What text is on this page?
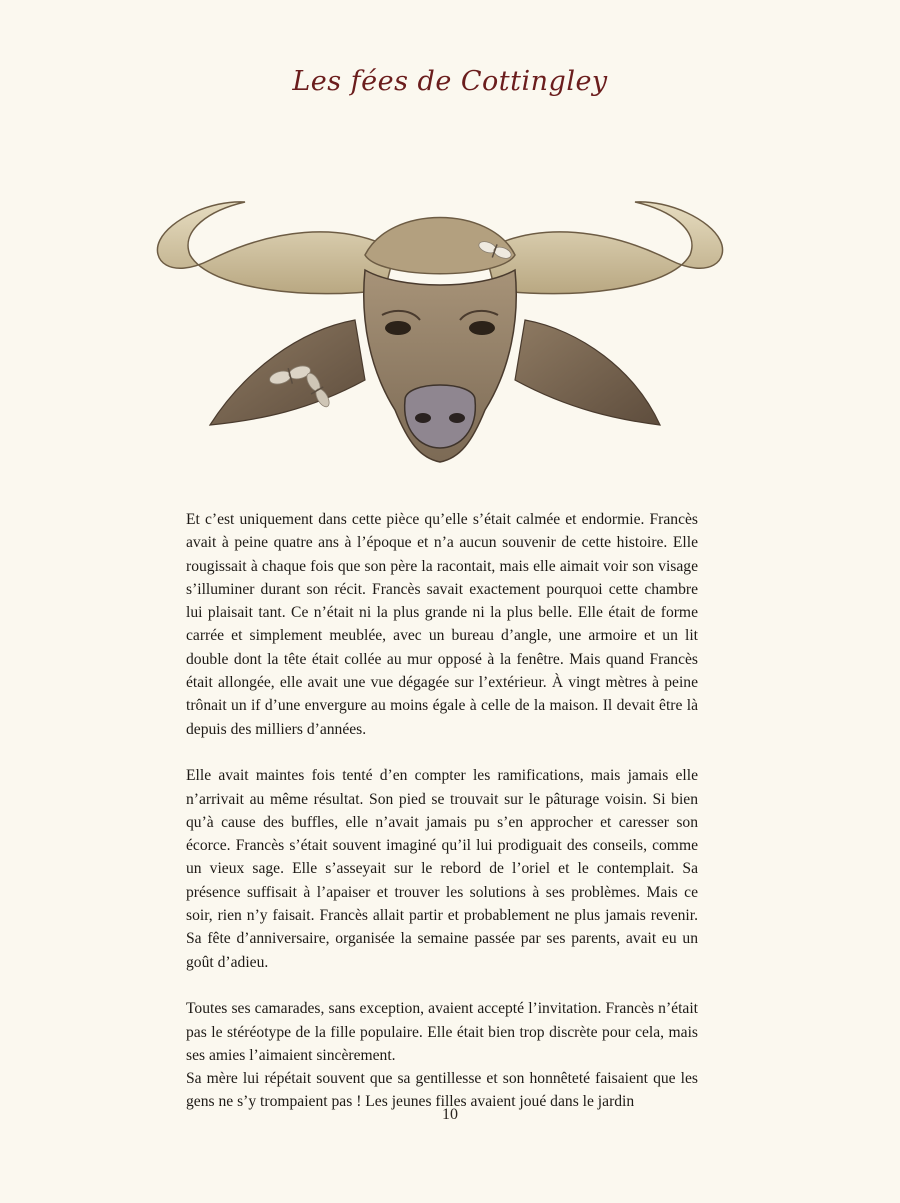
Les fées de Cottingley

Et c’est uniquement dans cette pièce qu’elle s’était calmée et endormie. Francès avait à peine quatre ans à l’époque et n’a aucun souvenir de cette histoire. Elle rougissait à chaque fois que son père la racontait, mais elle aimait voir son visage s’illuminer durant son récit. Francès savait exactement pourquoi cette chambre lui plaisait tant. Ce n’était ni la plus grande ni la plus belle. Elle était de forme carrée et simplement meublée, avec un bureau d’angle, une armoire et un lit double dont la tête était collée au mur opposé à la fenêtre. Mais quand Francès était allongée, elle avait une vue dégagée sur l’extérieur. À vingt mètres à peine trônait un if d’une envergure au moins égale à celle de la maison. Il devait être là depuis des milliers d’années.

Elle avait maintes fois tenté d’en compter les ramifications, mais jamais elle n’arrivait au même résultat. Son pied se trouvait sur le pâturage voisin. Si bien qu’à cause des buffles, elle n’avait jamais pu s’en approcher et caresser son écorce. Francès s’était souvent imaginé qu’il lui prodiguait des conseils, comme un vieux sage. Elle s’asseyait sur le rebord de l’oriel et le contemplait. Sa présence suffisait à l’apaiser et trouver les solutions à ses problèmes. Mais ce soir, rien n’y faisait. Francès allait partir et probablement ne plus jamais revenir. Sa fête d’anniversaire, organisée la semaine passée par ses parents, avait eu un goût d’adieu.

Toutes ses camarades, sans exception, avaient accepté l’invitation. Francès n’était pas le stéréotype de la fille populaire. Elle était bien trop discrète pour cela, mais ses amies l’aimaient sincèrement.

Sa mère lui répétait souvent que sa gentillesse et son honnêteté faisaient que les gens ne s’y trompaient pas ! Les jeunes filles avaient joué dans le jardin

10
